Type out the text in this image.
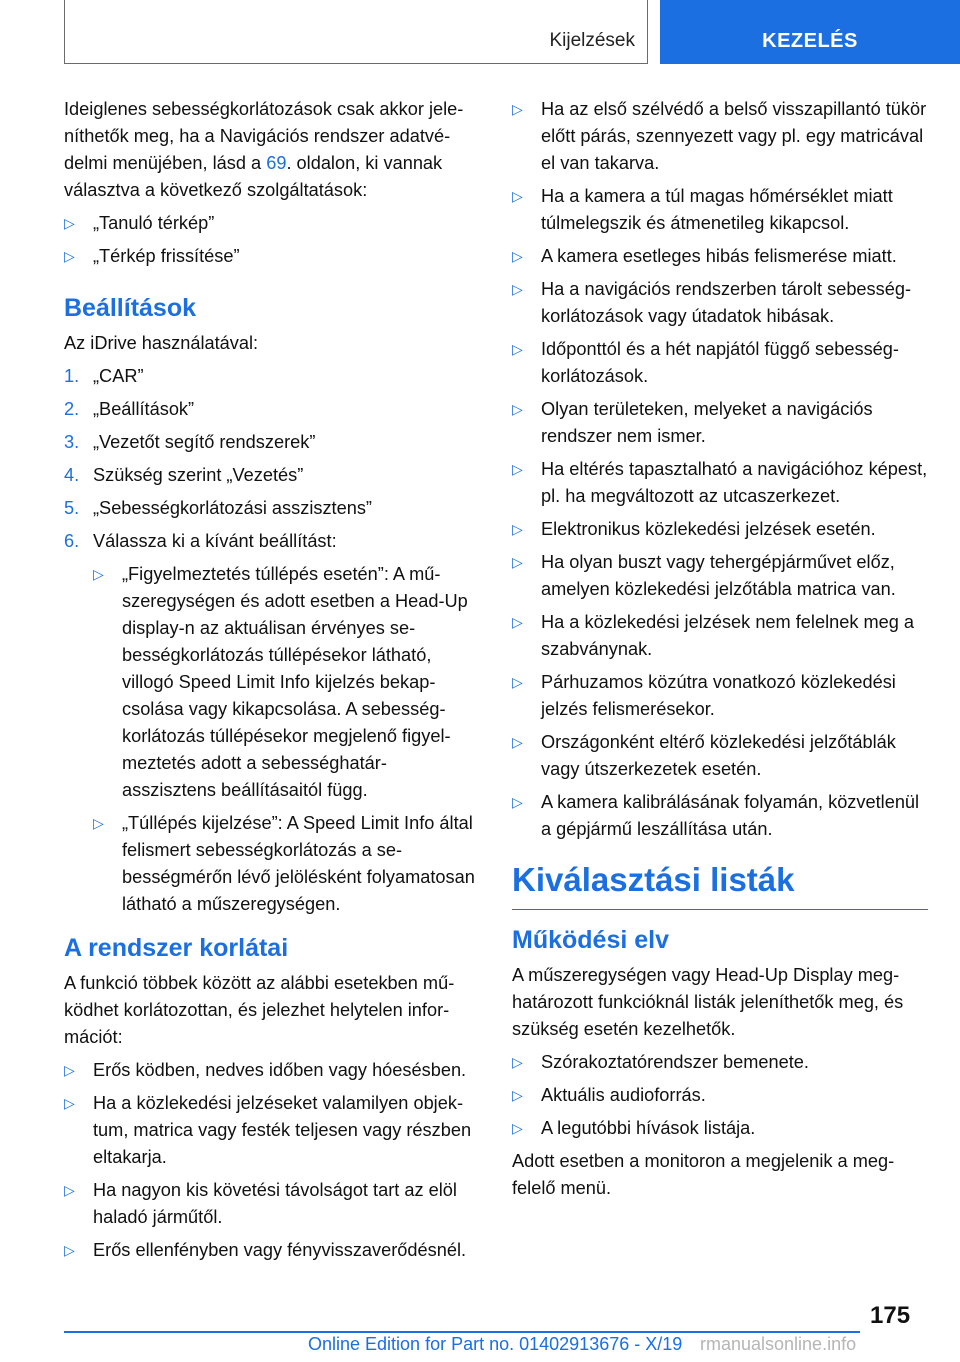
Kijelzések	KEZELÉS

Ideiglenes sebességkorlátozások csak akkor jeleníthetők meg, ha a Navigációs rendszer adatvédelmi menüjében, lásd a 69. oldalon, ki vannak választva a következő szolgáltatások:

▷ „Tanuló térkép”
▷ „Térkép frissítése”
Beállítások

Az iDrive használatával:

1. „CAR”
2. „Beállítások”
3. „Vezetőt segítő rendszerek”
4. Szükség szerint „Vezetés”
5. „Sebességkorlátozási asszisztens”
6. Válassza ki a kívánt beállítást:
▷ „Figyelmeztetés túllépés esetén”: A műszeregységen és adott esetben a Head-Up display-n az aktuálisan érvényes sebességkorlátozás túllépésekor látható, villogó Speed Limit Info kijelzés bekapcsolása vagy kikapcsolása. A sebességkorlátozás túllépésekor megjelenő figyelmeztetés adott a sebességhatár-asszisztens beállításaitól függ.
▷ „Túllépés kijelzése”: A Speed Limit Info által felismert sebességkorlátozás a sebességmérőn lévő jelölésként folyamatosan látható a műszeregységen.
A rendszer korlátai

A funkció többek között az alábbi esetekben működhet korlátozottan, és jelezhet helytelen információt:

▷ Erős ködben, nedves időben vagy hóesésben.
▷ Ha a közlekedési jelzéseket valamilyen objektum, matrica vagy festék teljesen vagy részben eltakarja.
▷ Ha nagyon kis követési távolságot tart az elöl haladó járműtől.
▷ Erős ellenfényben vagy fényvisszaverődésnél.
▷ Ha az első szélvédő a belső visszapillantó tükör előtt párás, szennyezett vagy pl. egy matricával el van takarva.
▷ Ha a kamera a túl magas hőmérséklet miatt túlmelegszik és átmenetileg kikapcsol.
▷ A kamera esetleges hibás felismerése miatt.
▷ Ha a navigációs rendszerben tárolt sebességkorlátozások vagy útadatok hibásak.
▷ Időponttól és a hét napjától függő sebességkorlátozások.
▷ Olyan területeken, melyeket a navigációs rendszer nem ismer.
▷ Ha eltérés tapasztalható a navigációhoz képest, pl. ha megváltozott az utcaszerkezet.
▷ Elektronikus közlekedési jelzések esetén.
▷ Ha olyan buszt vagy tehergépjárművet előz, amelyen közlekedési jelzőtábla matrica van.
▷ Ha a közlekedési jelzések nem felelnek meg a szabványnak.
▷ Párhuzamos közútra vonatkozó közlekedési jelzés felismerésekor.
▷ Országonként eltérő közlekedési jelzőtáblák vagy útszerkezetek esetén.
▷ A kamera kalibrálásának folyamán, közvetlenül a gépjármű leszállítása után.
Kiválasztási listák
Működési elv

A műszeregységen vagy Head-Up Display meghatározott funkcióknál listák jeleníthetők meg, és szükség esetén kezelhetők.

▷ Szórakoztatórendszer bemenete.
▷ Aktuális audioforrás.
▷ A legutóbbi hívások listája.

Adott esetben a monitoron a megjelenik a megfelelő menü.

175
Online Edition for Part no. 01402913676 - X/19 rmanualsonline.info
